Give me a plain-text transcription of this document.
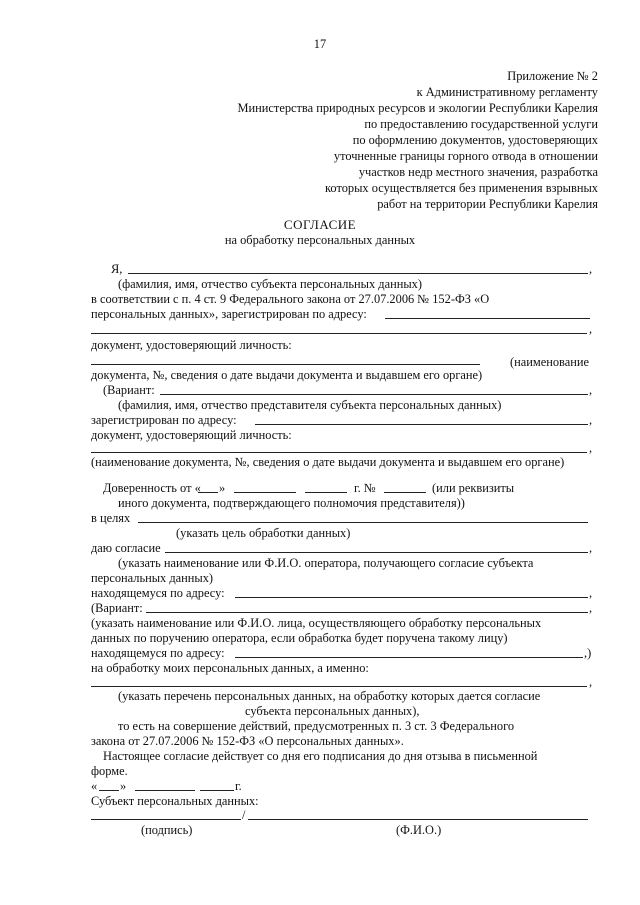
17
Приложение № 2
к Административному регламенту
Министерства природных ресурсов и экологии Республики Карелия
по предоставлению государственной услуги
по оформлению документов, удостоверяющих
уточненные границы горного отвода в отношении
участков недр местного значения, разработка
которых осуществляется без применения взрывных
работ на территории Республики Карелия
СОГЛАСИЕ
на обработку персональных данных
Я,	,
(фамилия, имя, отчество субъекта персональных данных)
в соответствии с п. 4 ст. 9 Федерального закона от 27.07.2006 № 152-ФЗ «О
персональных данных», зарегистрирован по адресу:
,
документ, удостоверяющий личность:
(наименование
документа, №, сведения о дате выдачи документа и выдавшем его органе)
(Вариант:	,
(фамилия, имя, отчество представителя субъекта персональных данных)
зарегистрирован по адресу:	,
документ, удостоверяющий личность:
,
(наименование документа, №, сведения о дате выдачи документа и выдавшем его органе)
Доверенность от « »	г. №	(или реквизиты
иного документа, подтверждающего полномочия представителя))
в целях
(указать цель обработки данных)
даю согласие	,
(указать наименование или Ф.И.О. оператора, получающего согласие субъекта
персональных данных)
находящемуся по адресу:	,
(Вариант:	,
(указать наименование или Ф.И.О. лица, осуществляющего обработку персональных
данных по поручению оператора, если обработка будет поручена такому лицу)
находящемуся по адресу:	,)
на обработку моих персональных данных, а именно:
,
(указать перечень персональных данных, на обработку которых дается согласие
субъекта персональных данных),
то есть на совершение действий, предусмотренных п. 3 ст. 3 Федерального
закона от 27.07.2006 № 152-ФЗ «О персональных данных».
Настоящее согласие действует со дня его подписания до дня отзыва в письменной
форме.
« »	г.
Субъект персональных данных:
/
(подпись)	(Ф.И.О.)
